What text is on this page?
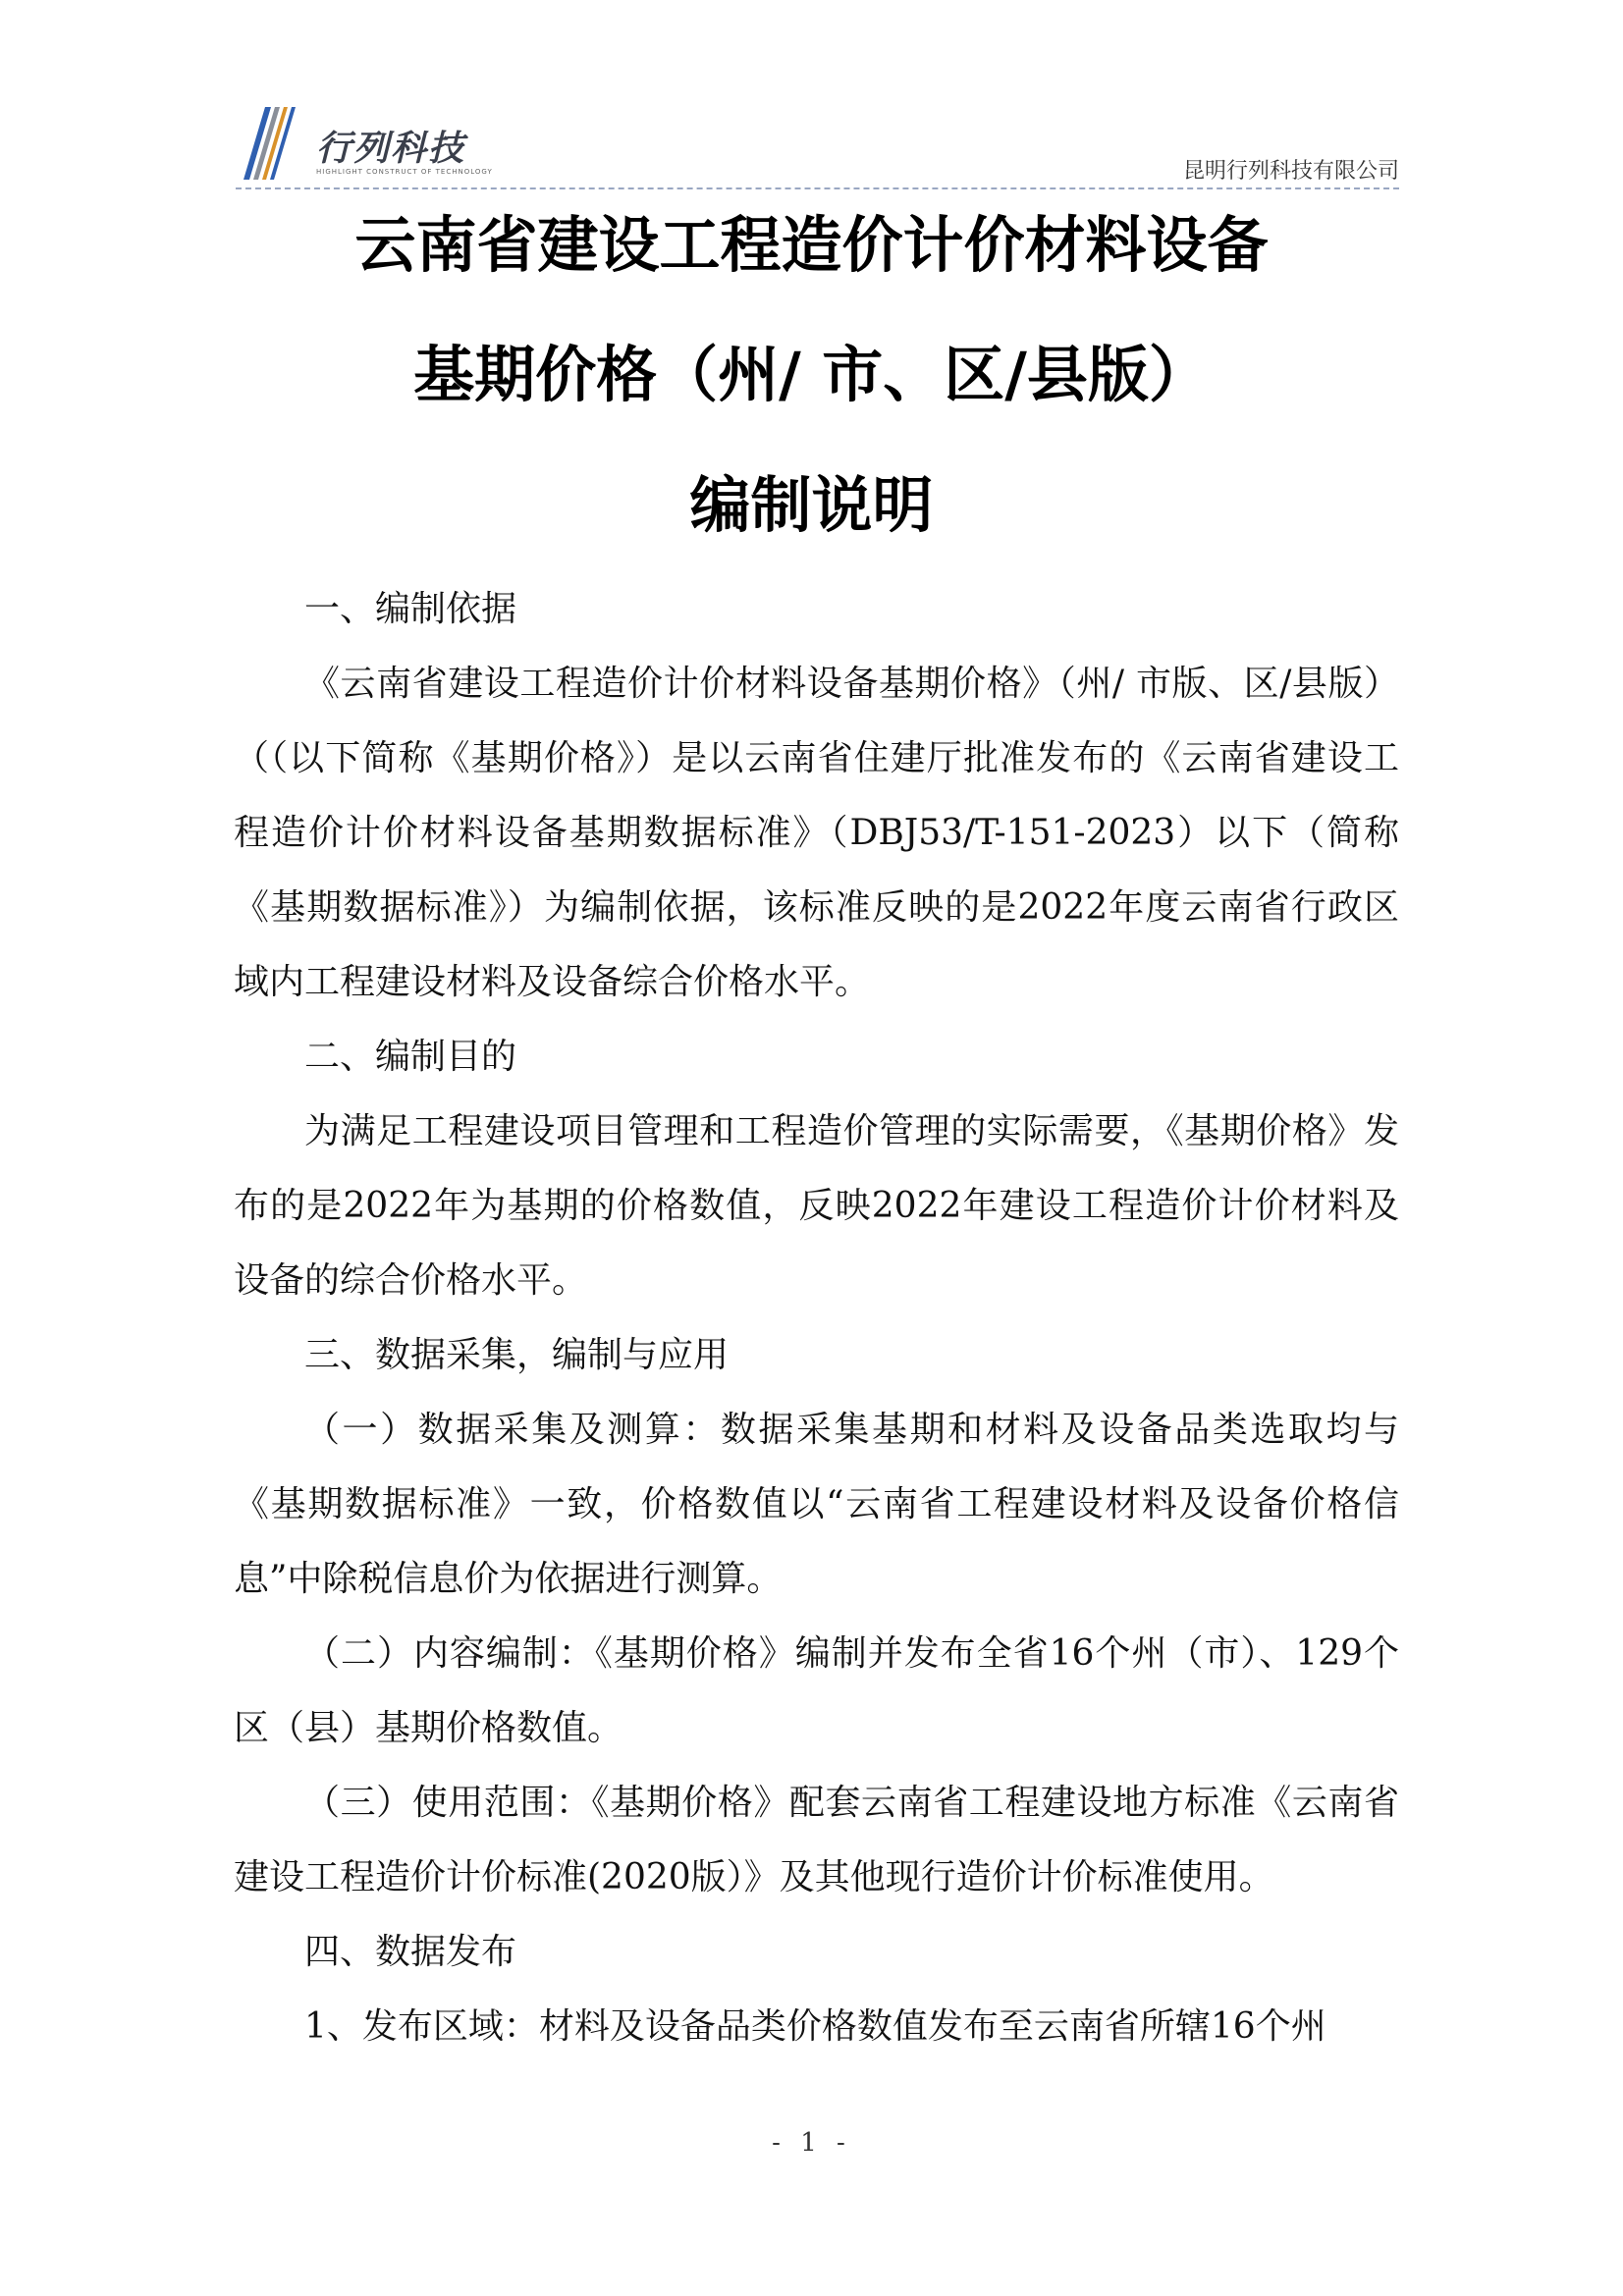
行列科技
HIGHLIGHT CONSTRUCT OF TECHNOLOGY	昆明行列科技有限公司
云南省建设工程造价计价材料设备
基期价格（州/ 市、区/县版）
编制说明

一、编制依据

《云南省建设工程造价计价材料设备基期价格》（州/ 市版、区/县版）（（以下简称《基期价格》）是以云南省住建厅批准发布的《云南省建设工程造价计价材料设备基期数据标准》（DBJ53/T-151-2023）以下（简称《基期数据标准》）为编制依据，该标准反映的是2022年度云南省行政区域内工程建设材料及设备综合价格水平。

二、编制目的

为满足工程建设项目管理和工程造价管理的实际需要，《基期价格》发布的是2022年为基期的价格数值，反映2022年建设工程造价计价材料及设备的综合价格水平。

三、数据采集，编制与应用

（一）数据采集及测算：数据采集基期和材料及设备品类选取均与《基期数据标准》一致，价格数值以“云南省工程建设材料及设备价格信息”中除税信息价为依据进行测算。

（二）内容编制：《基期价格》编制并发布全省16个州（市）、129个区（县）基期价格数值。

（三）使用范围：《基期价格》配套云南省工程建设地方标准《云南省建设工程造价计价标准(2020版）》及其他现行造价计价标准使用。

四、数据发布

1、发布区域：材料及设备品类价格数值发布至云南省所辖16个州

- 1 -
